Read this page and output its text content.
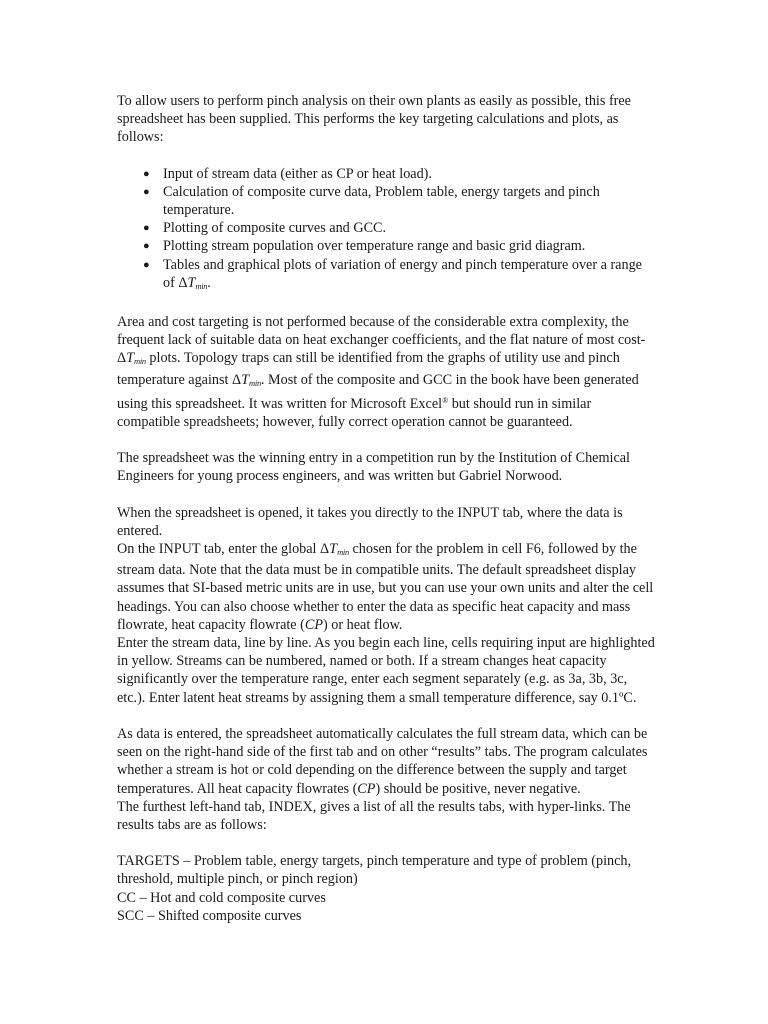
To allow users to perform pinch analysis on their own plants as easily as possible, this free spreadsheet has been supplied. This performs the key targeting calculations and plots, as follows:

● Input of stream data (either as CP or heat load).
● Calculation of composite curve data, Problem table, energy targets and pinch temperature.
● Plotting of composite curves and GCC.
● Plotting stream population over temperature range and basic grid diagram.
● Tables and graphical plots of variation of energy and pinch temperature over a range of $\Delta T_{min}$.

Area and cost targeting is not performed because of the considerable extra complexity, the frequent lack of suitable data on heat exchanger coefficients, and the flat nature of most cost- $\Delta T_{min}$ plots. Topology traps can still be identified from the graphs of utility use and pinch temperature against $\Delta T_{min}$. Most of the composite and GCC in the book have been generated using this spreadsheet. It was written for Microsoft Excel® but should run in similar compatible spreadsheets; however, fully correct operation cannot be guaranteed.

The spreadsheet was the winning entry in a competition run by the Institution of Chemical Engineers for young process engineers, and was written but Gabriel Norwood.

When the spreadsheet is opened, it takes you directly to the INPUT tab, where the data is entered.

On the INPUT tab, enter the global $\Delta T_{min}$ chosen for the problem in cell F6, followed by the stream data. Note that the data must be in compatible units. The default spreadsheet display assumes that SI-based metric units are in use, but you can use your own units and alter the cell headings. You can also choose whether to enter the data as specific heat capacity and mass flowrate, heat capacity flowrate (CP) or heat flow.

Enter the stream data, line by line. As you begin each line, cells requiring input are highlighted in yellow. Streams can be numbered, named or both. If a stream changes heat capacity significantly over the temperature range, enter each segment separately (e.g. as 3a, 3b, 3c, etc.). Enter latent heat streams by assigning them a small temperature difference, say 0.1ºC.

As data is entered, the spreadsheet automatically calculates the full stream data, which can be seen on the right-hand side of the first tab and on other “results” tabs. The program calculates whether a stream is hot or cold depending on the difference between the supply and target temperatures. All heat capacity flowrates (CP) should be positive, never negative.

The furthest left-hand tab, INDEX, gives a list of all the results tabs, with hyper-links. The results tabs are as follows:

TARGETS – Problem table, energy targets, pinch temperature and type of problem (pinch, threshold, multiple pinch, or pinch region)

CC – Hot and cold composite curves

SCC – Shifted composite curves
